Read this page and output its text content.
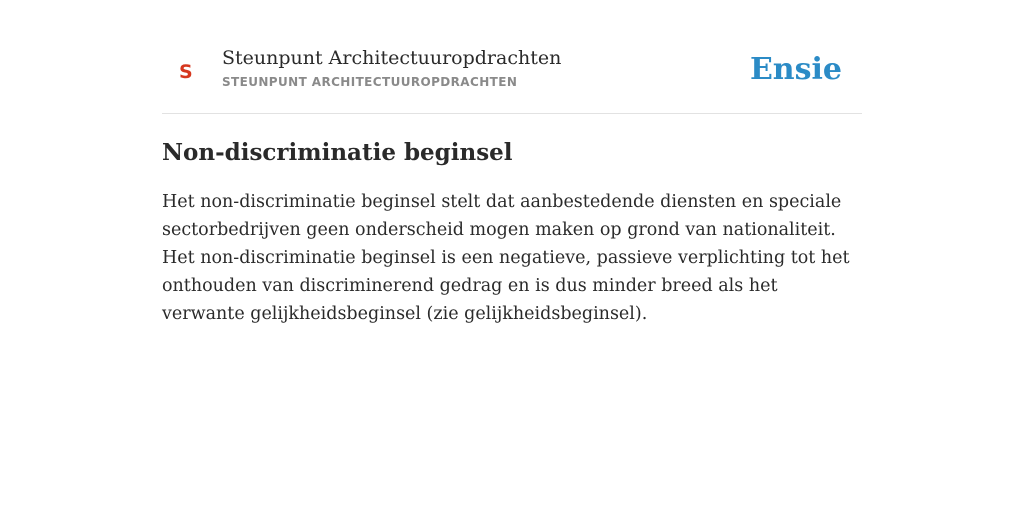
S
Steunpunt Architectuuropdrachten
STEUNPUNT ARCHITECTUUROPDRACHTEN	Ensie
Non-discriminatie beginsel

Het non-discriminatie beginsel stelt dat aanbestedende diensten en speciale sectorbedrijven geen onderscheid mogen maken op grond van nationaliteit. Het non-discriminatie beginsel is een negatieve, passieve verplichting tot het onthouden van discriminerend gedrag en is dus minder breed als het verwante gelijkheidsbeginsel (zie gelijkheidsbeginsel).
